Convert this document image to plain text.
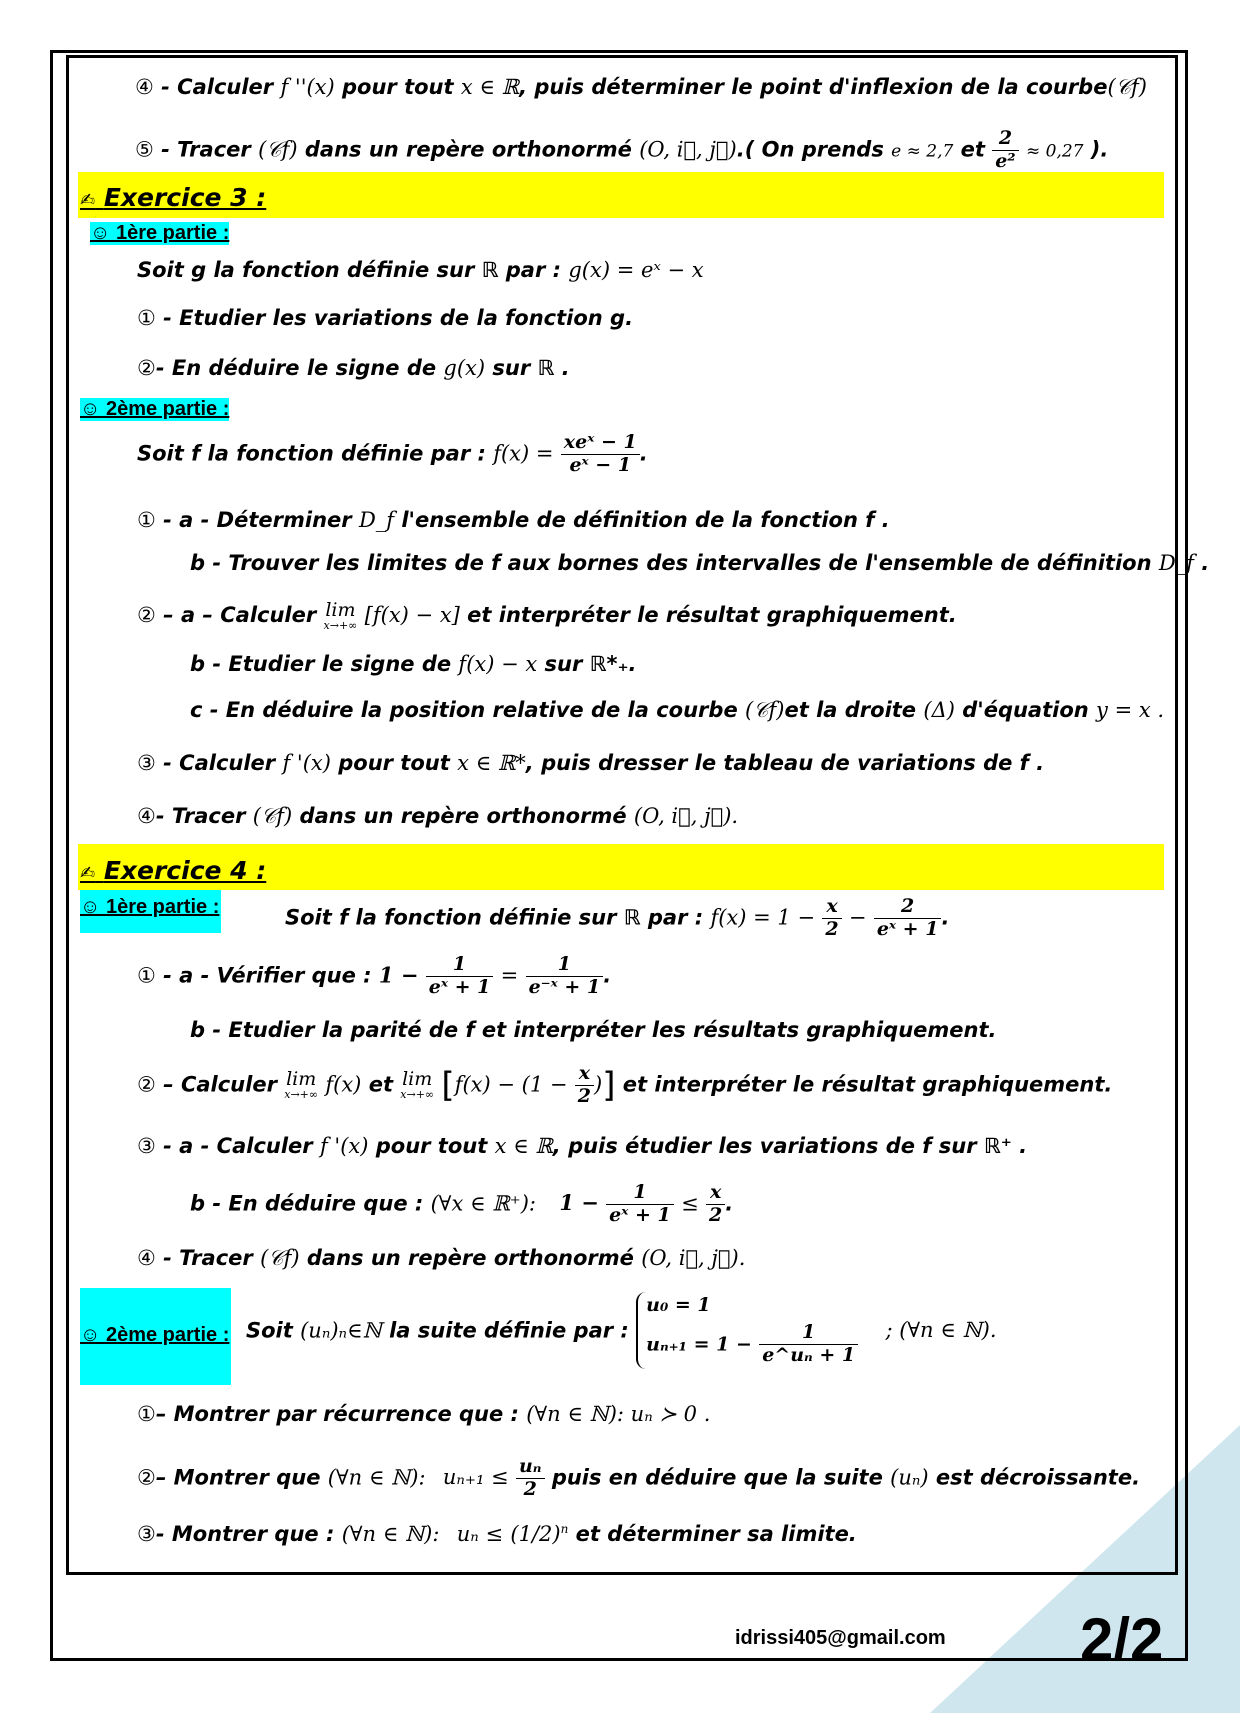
④ - Calculer f ''(x) pour tout x ∈ ℝ, puis déterminer le point d'inflexion de la courbe(𝒞f)
⑤ - Tracer (𝒞f) dans un repère orthonormé (O, i⃗, j⃗).( On prends e ≈ 2,7 et $\frac{2}{\text{e²}} \approx 0,27$ ).
✍ Exercice 3 :
☺ 1ère partie :
Soit g la fonction définie sur ℝ par : g(x) = eˣ − x
① - Etudier les variations de la fonction g.
②- En déduire le signe de g(x) sur ℝ .
☺ 2ème partie :
Soit f la fonction définie par : $f(x) = \frac{\text{xeˣ − 1}}{\text{eˣ − 1}}$ .
① - a - Déterminer D_f l'ensemble de définition de la fonction f .
b - Trouver les limites de f aux bornes des intervalles de l'ensemble de définition D_f .
② – a – Calculer lim
x→+∞ [f(x) − x] et interpréter le résultat graphiquement.
b - Etudier le signe de f(x) − x sur ℝ*₊.
c - En déduire la position relative de la courbe (𝒞f)et la droite (Δ) d'équation y = x .
③ - Calculer f '(x) pour tout x ∈ ℝ*, puis dresser le tableau de variations de f .
④- Tracer (𝒞f) dans un repère orthonormé (O, i⃗, j⃗).
✍ Exercice 4 :
☺ 1ère partie :	Soit f la fonction définie sur ℝ par : $f(x) = 1 - \frac{x}{2} - \frac{2}{\text{eˣ + 1}}$ .
① - a - Vérifier que : $1 - \frac{1}{\text{eˣ + 1}} = \frac{1}{\text{e⁻ˣ + 1}}$ .
b - Etudier la parité de f et interpréter les résultats graphiquement.
② – Calculer lim
x→+∞ f(x) et lim
x→+∞ [$f(x) - (1 - \frac{x}{2}$ )] et interpréter le résultat graphiquement.
③ - a - Calculer f '(x) pour tout x ∈ ℝ, puis étudier les variations de f sur ℝ⁺ .
b - En déduire que : (∀x ∈ ℝ⁺): $1 - \frac{1}{\text{eˣ + 1}} \le \frac{x}{2}$ .
④ - Tracer (𝒞f) dans un repère orthonormé (O, i⃗, j⃗).
☺ 2ème partie : Soit (uₙ)ₙ∈ℕ la suite définie par :
u₀ = 1
$u_{n+1} = 1 - \frac{1}{\text{e\textasciicircum{}uₙ + 1}}$ ; (∀n ∈ ℕ).
①– Montrer par récurrence que : (∀n ∈ ℕ): uₙ ≻ 0 .
②– Montrer que (∀n ∈ ℕ): $u_{n+1} \le \frac{\text{uₙ}}{2}$ puis en déduire que la suite (uₙ) est décroissante.
③- Montrer que : (∀n ∈ ℕ): $u_n \le (1/2)^n$ et déterminer sa limite.
idrissi405@gmail.com 2/2
